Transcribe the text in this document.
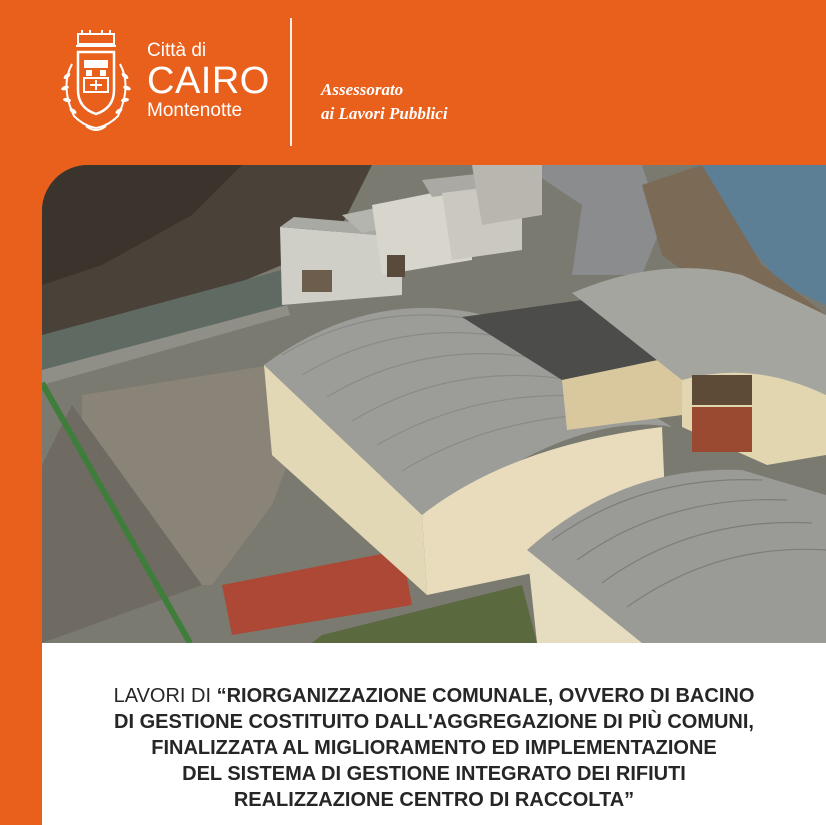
Città di
CAIRO
Montenotte
Assessorato
ai Lavori Pubblici
LAVORI DI “RIORGANIZZAZIONE COMUNALE, OVVERO DI BACINO
DI GESTIONE COSTITUITO DALL'AGGREGAZIONE DI PIÙ COMUNI,
FINALIZZATA AL MIGLIORAMENTO ED IMPLEMENTAZIONE
DEL SISTEMA DI GESTIONE INTEGRATO DEI RIFIUTI
REALIZZAZIONE CENTRO DI RACCOLTA”
